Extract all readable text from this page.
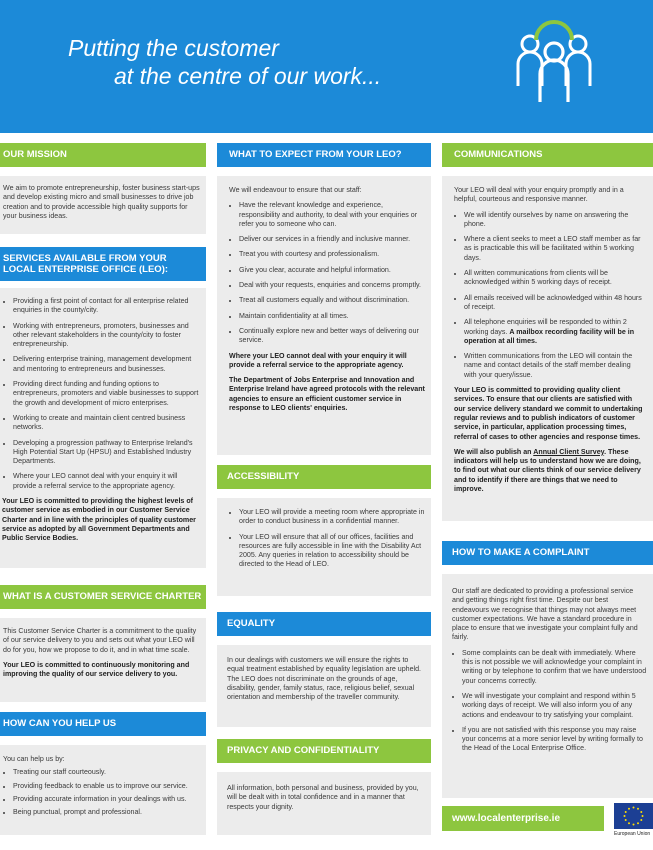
Putting the customer
at the centre of our work...
OUR MISSION

We aim to promote entrepreneurship, foster business start-ups and develop existing micro and small businesses to drive job creation and to provide accessible high quality supports for your business ideas.

SERVICES AVAILABLE FROM YOUR
LOCAL ENTERPRISE OFFICE (LEO):
• Providing a first point of contact for all enterprise related enquiries in the county/city.
• Working with entrepreneurs, promoters, businesses and other relevant stakeholders in the county/city to foster entrepreneurship.
• Delivering enterprise training, management development and mentoring to entrepreneurs and businesses.
• Providing direct funding and funding options to entrepreneurs, promoters and viable businesses to support the growth and development of micro enterprises.
• Working to create and maintain client centred business networks.
• Developing a progression pathway to Enterprise Ireland's High Potential Start Up (HPSU) and Established Industry Departments.
• Where your LEO cannot deal with your enquiry it will provide a referral service to the appropriate agency.

Your LEO is committed to providing the highest levels of customer service as embodied in our Customer Service Charter and in line with the principles of quality customer service as adopted by all Government Departments and Public Service Bodies.

WHAT IS A CUSTOMER SERVICE CHARTER

This Customer Service Charter is a commitment to the quality of our service delivery to you and sets out what your LEO will do for you, how we propose to do it, and in what time scale.

Your LEO is committed to continuously monitoring and improving the quality of our service delivery to you.

HOW CAN YOU HELP US

You can help us by:

• Treating our staff courteously.
• Providing feedback to enable us to improve our service.
• Providing accurate information in your dealings with us.
• Being punctual, prompt and professional.
WHAT TO EXPECT FROM YOUR LEO?

We will endeavour to ensure that our staff:

• Have the relevant knowledge and experience, responsibility and authority, to deal with your enquiries or refer you to someone who can.
• Deliver our services in a friendly and inclusive manner.
• Treat you with courtesy and professionalism.
• Give you clear, accurate and helpful information.
• Deal with your requests, enquiries and concerns promptly.
• Treat all customers equally and without discrimination.
• Maintain confidentiality at all times.
• Continually explore new and better ways of delivering our service.

Where your LEO cannot deal with your enquiry it will provide a referral service to the appropriate agency.

The Department of Jobs Enterprise and Innovation and Enterprise Ireland have agreed protocols with the relevant agencies to ensure an efficient customer service in response to LEO clients' enquiries.

ACCESSIBILITY
• Your LEO will provide a meeting room where appropriate in order to conduct business in a confidential manner.
• Your LEO will ensure that all of our offices, facilities and resources are fully accessible in line with the Disability Act 2005. Any queries in relation to accessibility should be directed to the Head of LEO.
EQUALITY

In our dealings with customers we will ensure the rights to equal treatment established by equality legislation are upheld. The LEO does not discriminate on the grounds of age, disability, gender, family status, race, religious belief, sexual orientation and membership of the traveller community.

PRIVACY AND CONFIDENTIALITY

All information, both personal and business, provided by you, will be dealt with in total confidence and in a manner that respects your dignity.

COMMUNICATIONS

Your LEO will deal with your enquiry promptly and in a helpful, courteous and responsive manner.

• We will identify ourselves by name on answering the phone.
• Where a client seeks to meet a LEO staff member as far as is practicable this will be facilitated within 5 working days.
• All written communications from clients will be acknowledged within 5 working days of receipt.
• All emails received will be acknowledged within 48 hours of receipt.
• All telephone enquiries will be responded to within 2 working days. A mailbox recording facility will be in operation at all times.
• Written communications from the LEO will contain the name and contact details of the staff member dealing with your query/issue.

Your LEO is committed to providing quality client services. To ensure that our clients are satisfied with our service delivery standard we commit to undertaking regular reviews and to publish indicators of customer service, in particular, application processing times, referral of cases to other agencies and response times.

We will also publish an Annual Client Survey. These indicators will help us to understand how we are doing, to find out what our clients think of our service delivery and to identify if there are things that we need to improve.

HOW TO MAKE A COMPLAINT

Our staff are dedicated to providing a professional service and getting things right first time. Despite our best endeavours we recognise that things may not always meet customer expectations. We have a standard procedure in place to ensure that we investigate your complaint fully and fairly.

• Some complaints can be dealt with immediately. Where this is not possible we will acknowledge your complaint in writing or by telephone to confirm that we have understood your concerns correctly.
• We will investigate your complaint and respond within 5 working days of receipt. We will also inform you of any actions and endeavour to try satisfying your complaint.
• If you are not satisfied with this response you may raise your concerns at a more senior level by writing formally to the Head of the Local Enterprise Office.
www.localenterprise.ie
European Union
